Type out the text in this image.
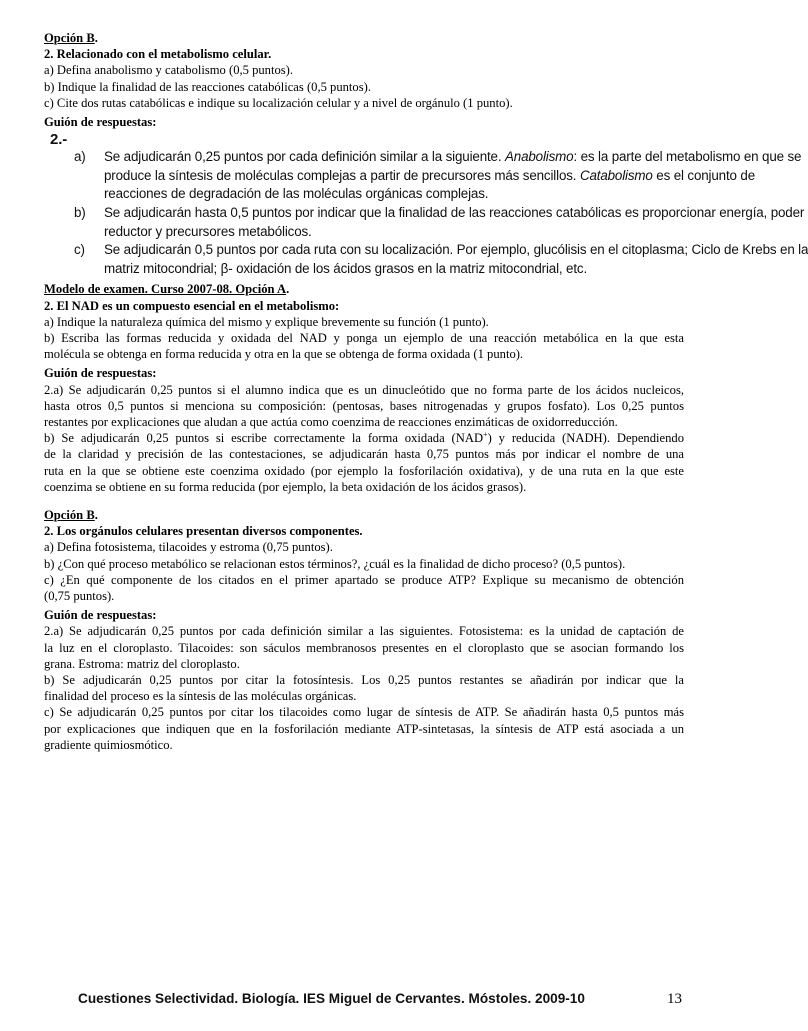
Opción B.
2. Relacionado con el metabolismo celular.
a) Defina anabolismo y catabolismo (0,5 puntos).
b) Indique la finalidad de las reacciones catabólicas (0,5 puntos).
c) Cite dos rutas catabólicas e indique su localización celular y a nivel de orgánulo (1 punto).
Guión de respuestas:
2.-
a)	Se adjudicarán 0,25 puntos por cada definición similar a la siguiente. Anabolismo: es la parte del metabolismo en que se
produce la síntesis de moléculas complejas a partir de precursores más sencillos. Catabolismo es el conjunto de
reacciones de degradación de las moléculas orgánicas complejas.
b)	Se adjudicarán hasta 0,5 puntos por indicar que la finalidad de las reacciones catabólicas es proporcionar energía, poder
reductor y precursores metabólicos.
c)	Se adjudicarán 0,5 puntos por cada ruta con su localización. Por ejemplo, glucólisis en el citoplasma; Ciclo de Krebs en la
matriz mitocondrial; β- oxidación de los ácidos grasos en la matriz mitocondrial, etc.
Modelo de examen. Curso 2007-08. Opción A.
2. El NAD es un compuesto esencial en el metabolismo:
a) Indique la naturaleza química del mismo y explique brevemente su función (1 punto).
b) Escriba las formas reducida y oxidada del NAD y ponga un ejemplo de una reacción metabólica en la que esta
molécula se obtenga en forma reducida y otra en la que se obtenga de forma oxidada (1 punto).
Guión de respuestas:
2.a) Se adjudicarán 0,25 puntos si el alumno indica que es un dinucleótido que no forma parte de los ácidos nucleicos,
hasta otros 0,5 puntos si menciona su composición: (pentosas, bases nitrogenadas y grupos fosfato). Los 0,25 puntos
restantes por explicaciones que aludan a que actúa como coenzima de reacciones enzimáticas de oxidorreducción.
b) Se adjudicarán 0,25 puntos si escribe correctamente la forma oxidada (NAD+) y reducida (NADH). Dependiendo
de la claridad y precisión de las contestaciones, se adjudicarán hasta 0,75 puntos más por indicar el nombre de una
ruta en la que se obtiene este coenzima oxidado (por ejemplo la fosforilación oxidativa), y de una ruta en la que este
coenzima se obtiene en su forma reducida (por ejemplo, la beta oxidación de los ácidos grasos).
Opción B.
2. Los orgánulos celulares presentan diversos componentes.
a) Defina fotosistema, tilacoides y estroma (0,75 puntos).
b) ¿Con qué proceso metabólico se relacionan estos términos?, ¿cuál es la finalidad de dicho proceso? (0,5 puntos).
c) ¿En qué componente de los citados en el primer apartado se produce ATP? Explique su mecanismo de obtención
(0,75 puntos).
Guión de respuestas:
2.a) Se adjudicarán 0,25 puntos por cada definición similar a las siguientes. Fotosistema: es la unidad de captación de
la luz en el cloroplasto. Tilacoides: son sáculos membranosos presentes en el cloroplasto que se asocian formando los
grana. Estroma: matriz del cloroplasto.
b) Se adjudicarán 0,25 puntos por citar la fotosíntesis. Los 0,25 puntos restantes se añadirán por indicar que la
finalidad del proceso es la síntesis de las moléculas orgánicas.
c) Se adjudicarán 0,25 puntos por citar los tilacoides como lugar de síntesis de ATP. Se añadirán hasta 0,5 puntos más
por explicaciones que indiquen que en la fosforilación mediante ATP-sintetasas, la síntesis de ATP está asociada a un
gradiente quimiosmótico.
Cuestiones Selectividad. Biología. IES Miguel de Cervantes. Móstoles. 2009-10	13
